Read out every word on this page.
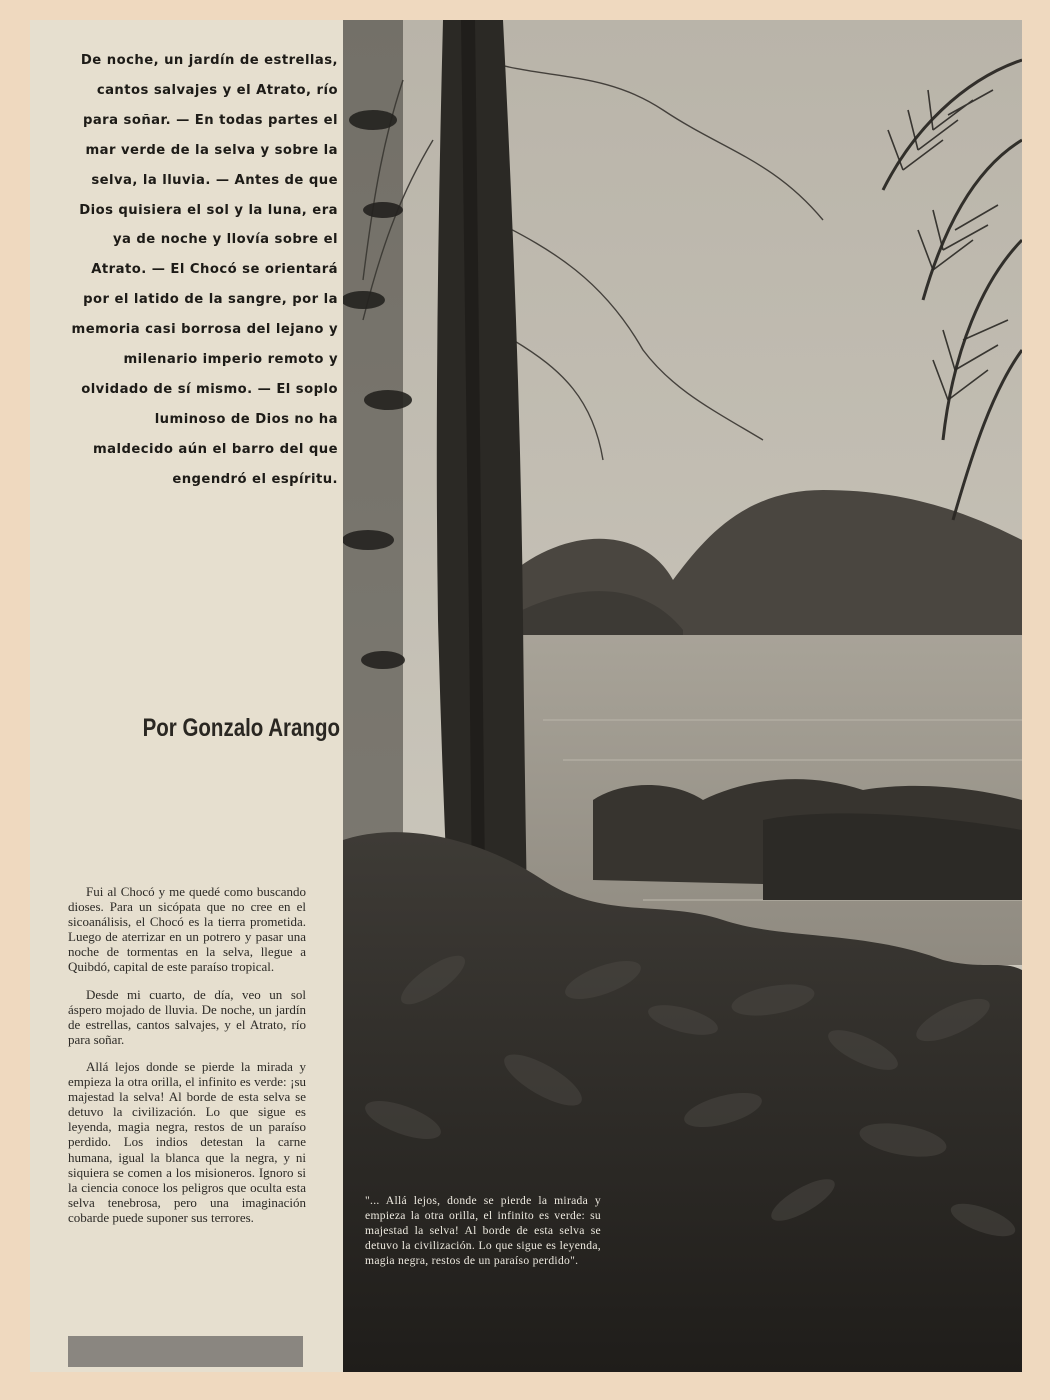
De noche, un jardín de estrellas, cantos salvajes y el Atrato, río para soñar. — En todas partes el mar verde de la selva y sobre la selva, la lluvia. — Antes de que Dios quisiera el sol y la luna, era ya de noche y llovía sobre el Atrato. — El Chocó se orientará por el latido de la sangre, por la memoria casi borrosa del lejano y milenario imperio remoto y olvidado de sí mismo. — El soplo luminoso de Dios no ha maldecido aún el barro del que engendró el espíritu.

Por Gonzalo Arango

Fui al Chocó y me quedé como buscando dioses. Para un sicópata que no cree en el sicoanálisis, el Chocó es la tierra prometida. Luego de aterrizar en un potrero y pasar una noche de tormentas en la selva, llegue a Quibdó, capital de este paraíso tropical.

Desde mi cuarto, de día, veo un sol áspero mojado de lluvia. De noche, un jardín de estrellas, cantos salvajes, y el Atrato, río para soñar.

Allá lejos donde se pierde la mirada y empieza la otra orilla, el infinito es verde: ¡su majestad la selva! Al borde de esta selva se detuvo la civilización. Lo que sigue es leyenda, magia negra, restos de un paraíso perdido. Los indios detestan la carne humana, igual la blanca que la negra, y ni siquiera se comen a los misioneros. Ignoro si la ciencia conoce los peligros que oculta esta selva tenebrosa, pero una imaginación cobarde puede suponer sus terrores.

"... Allá lejos, donde se pierde la mirada y empieza la otra orilla, el infinito es verde: su majestad la selva! Al borde de esta selva se detuvo la civilización. Lo que sigue es leyenda, magia negra, restos de un paraíso perdido".
